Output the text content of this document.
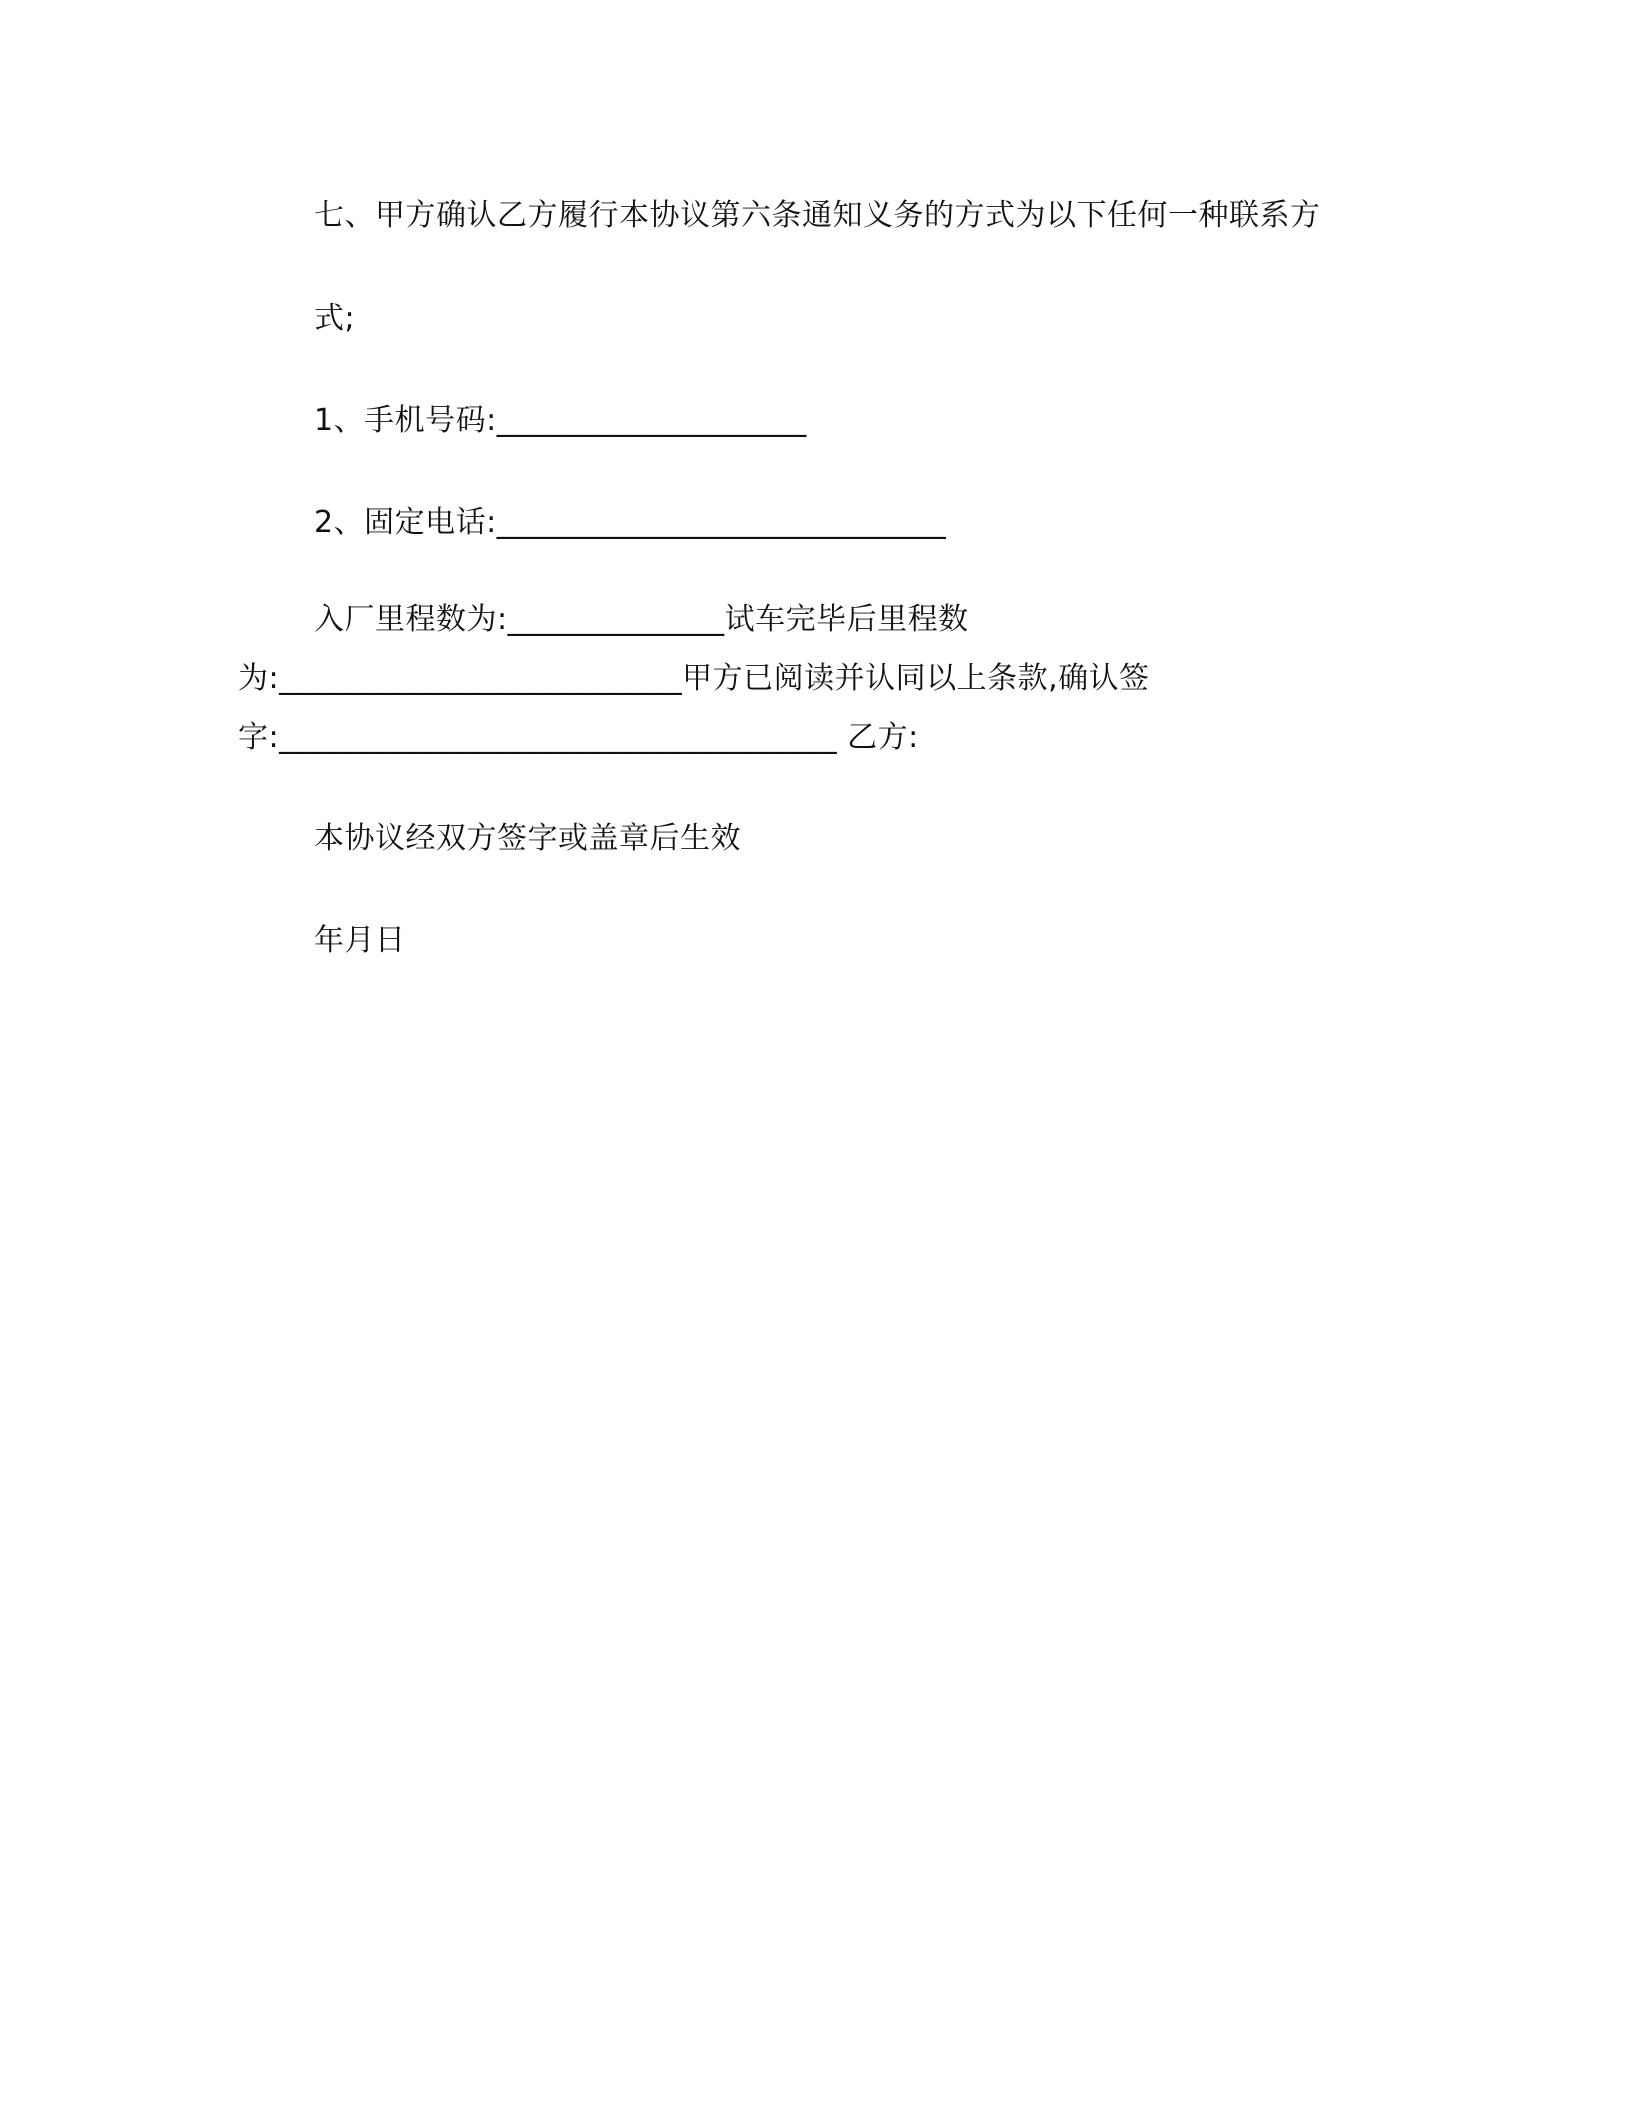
七、甲方确认乙方履行本协议第六条通知义务的方式为以下任何一种联系方
式;
1、手机号码:____________________
2、固定电话:_____________________________
入厂里程数为:______________试车完毕后里程数
为:__________________________甲方已阅读并认同以上条款,确认签
字:____________________________________ 乙方:
本协议经双方签字或盖章后生效
年月日
